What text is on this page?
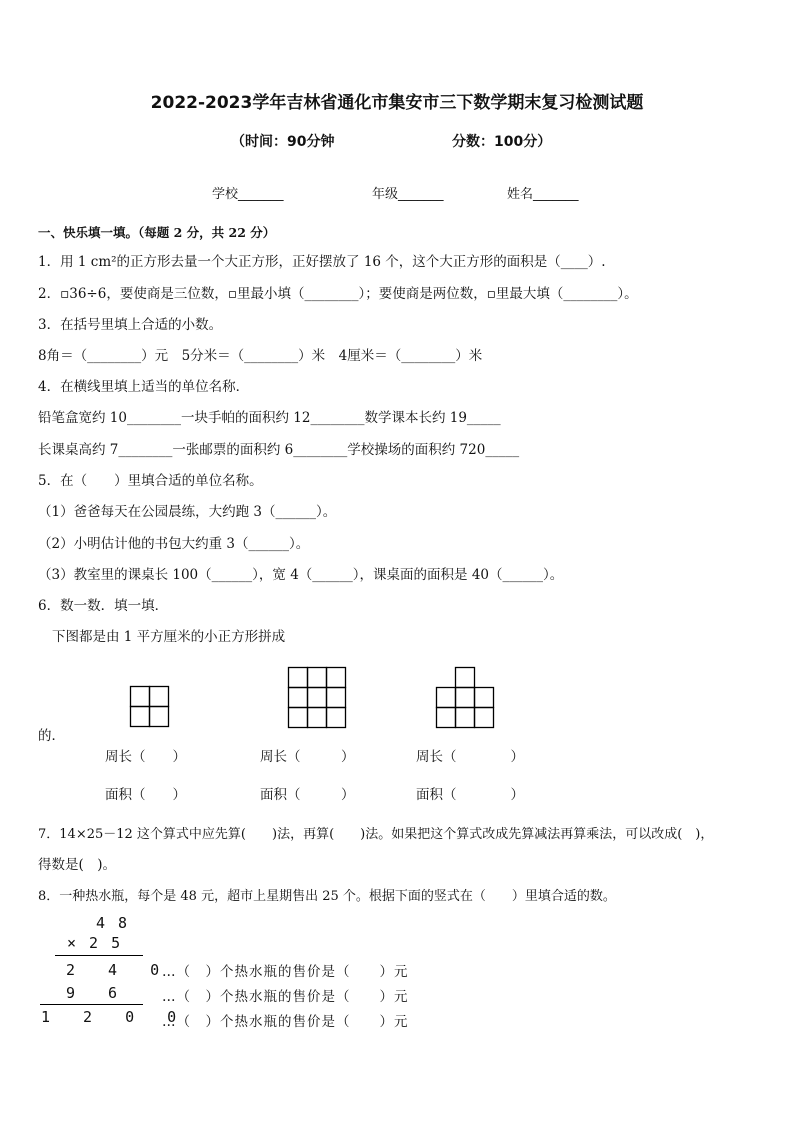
2022-2023学年吉林省通化市集安市三下数学期末复习检测试题
（时间：90分钟	分数：100分）
学校_______	年级_______	姓名_______
一、快乐填一填。（每题 2 分，共 22 分）
1．用 1 cm²的正方形去量一个大正方形，正好摆放了 16 个，这个大正方形的面积是（____）.
2．▫36÷6，要使商是三位数，▫里最小填（________）；要使商是两位数，▫里最大填（________）。
3．在括号里填上合适的小数。
8角＝（________）元　5分米＝（________）米　4厘米＝（________）米
4．在横线里填上适当的单位名称．
铅笔盒宽约 10________一块手帕的面积约 12________数学课本长约 19_____
长课桌高约 7________一张邮票的面积约 6________学校操场的面积约 720_____
5．在（　　）里填合适的单位名称。
（1）爸爸每天在公园晨练，大约跑 3（______）。
（2）小明估计他的书包大约重 3（______）。
（3）教室里的课桌长 100（______），宽 4（______），课桌面的面积是 40（______）。
6．数一数．填一填．
下图都是由 1 平方厘米的小正方形拼成
的．
周长（　　）	周长（　　　）	周长（　　　　）
面积（　　）	面积（　　　）	面积（　　　　）
7．14×25－12 这个算式中应先算(　　)法，再算(　　)法。如果把这个算式改成先算减法再算乘法，可以改成(　)，
得数是(　)。
8．一种热水瓶，每个是 48 元，超市上星期售出 25 个。根据下面的竖式在（　　）里填合适的数。
4 8
× 2 5
2 4 0
9 6
1 2 0 0
…（　）个热水瓶的售价是（　　）元
…（　）个热水瓶的售价是（　　）元
…（　）个热水瓶的售价是（　　）元
